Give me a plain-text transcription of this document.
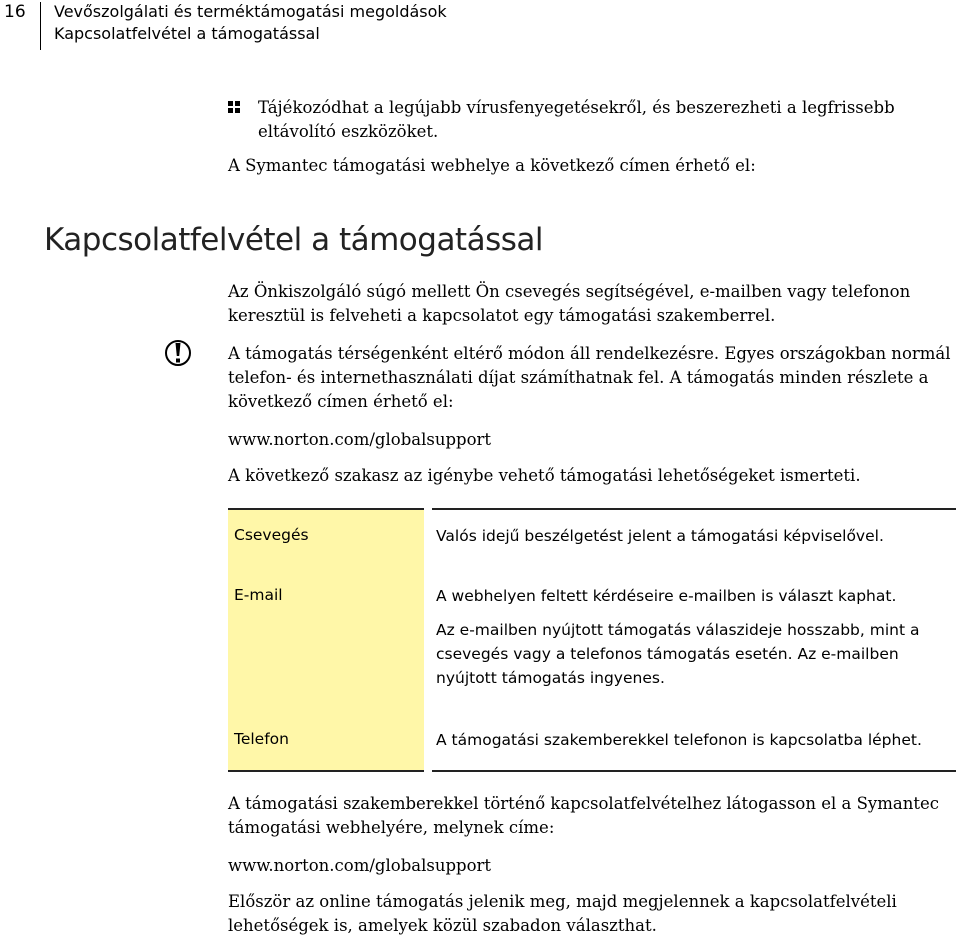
16 Vevőszolgálati és terméktámogatási megoldások
Kapcsolatfelvétel a támogatással
Tájékozódhat a legújabb vírusfenyegetésekről, és beszerezheti a legfrissebb eltávolító eszközöket.
A Symantec támogatási webhelye a következő címen érhető el:
Kapcsolatfelvétel a támogatással
Az Önkiszolgáló súgó mellett Ön csevegés segítségével, e-mailben vagy telefonon keresztül is felveheti a kapcsolatot egy támogatási szakemberrel.
A támogatás térségenként eltérő módon áll rendelkezésre. Egyes országokban normál telefon- és internethasználati díjat számíthatnak fel. A támogatás minden részlete a következő címen érhető el:
www.norton.com/globalsupport
A következő szakasz az igénybe vehető támogatási lehetőségeket ismerteti.
Csevegés	Valós idejű beszélgetést jelent a támogatási képviselővel.
E-mail	A webhelyen feltett kérdéseire e-mailben is választ kaphat.
Az e-mailben nyújtott támogatás válaszideje hosszabb, mint a csevegés vagy a telefonos támogatás esetén. Az e-mailben nyújtott támogatás ingyenes.
Telefon	A támogatási szakemberekkel telefonon is kapcsolatba léphet.
A támogatási szakemberekkel történő kapcsolatfelvételhez látogasson el a Symantec támogatási webhelyére, melynek címe:
www.norton.com/globalsupport
Először az online támogatás jelenik meg, majd megjelennek a kapcsolatfelvételi lehetőségek is, amelyek közül szabadon választhat.
